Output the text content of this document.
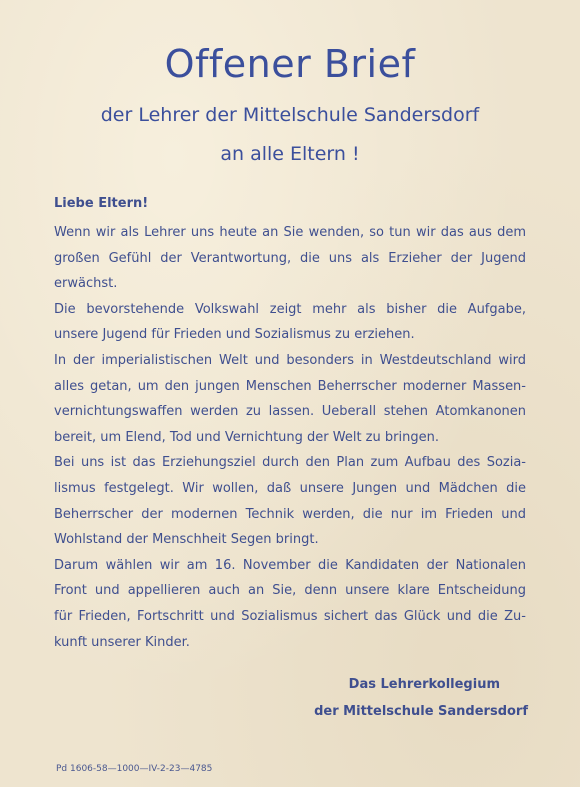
Offener Brief
der Lehrer der Mittelschule Sandersdorf
an alle Eltern !
Liebe Eltern!
Wenn wir als Lehrer uns heute an Sie wenden, so tun wir das aus dem
großen Gefühl der Verantwortung, die uns als Erzieher der Jugend
erwächst.
Die bevorstehende Volkswahl zeigt mehr als bisher die Aufgabe,
unsere Jugend für Frieden und Sozialismus zu erziehen.
In der imperialistischen Welt und besonders in Westdeutschland wird
alles getan, um den jungen Menschen Beherrscher moderner Massen-
vernichtungswaffen werden zu lassen. Ueberall stehen Atomkanonen
bereit, um Elend, Tod und Vernichtung der Welt zu bringen.
Bei uns ist das Erziehungsziel durch den Plan zum Aufbau des Sozia-
lismus festgelegt. Wir wollen, daß unsere Jungen und Mädchen die
Beherrscher der modernen Technik werden, die nur im Frieden und
Wohlstand der Menschheit Segen bringt.
Darum wählen wir am 16. November die Kandidaten der Nationalen
Front und appellieren auch an Sie, denn unsere klare Entscheidung
für Frieden, Fortschritt und Sozialismus sichert das Glück und die Zu-
kunft unserer Kinder.
Das Lehrerkollegium
der Mittelschule Sandersdorf
Pd 1606-58—1000—IV-2-23—4785
